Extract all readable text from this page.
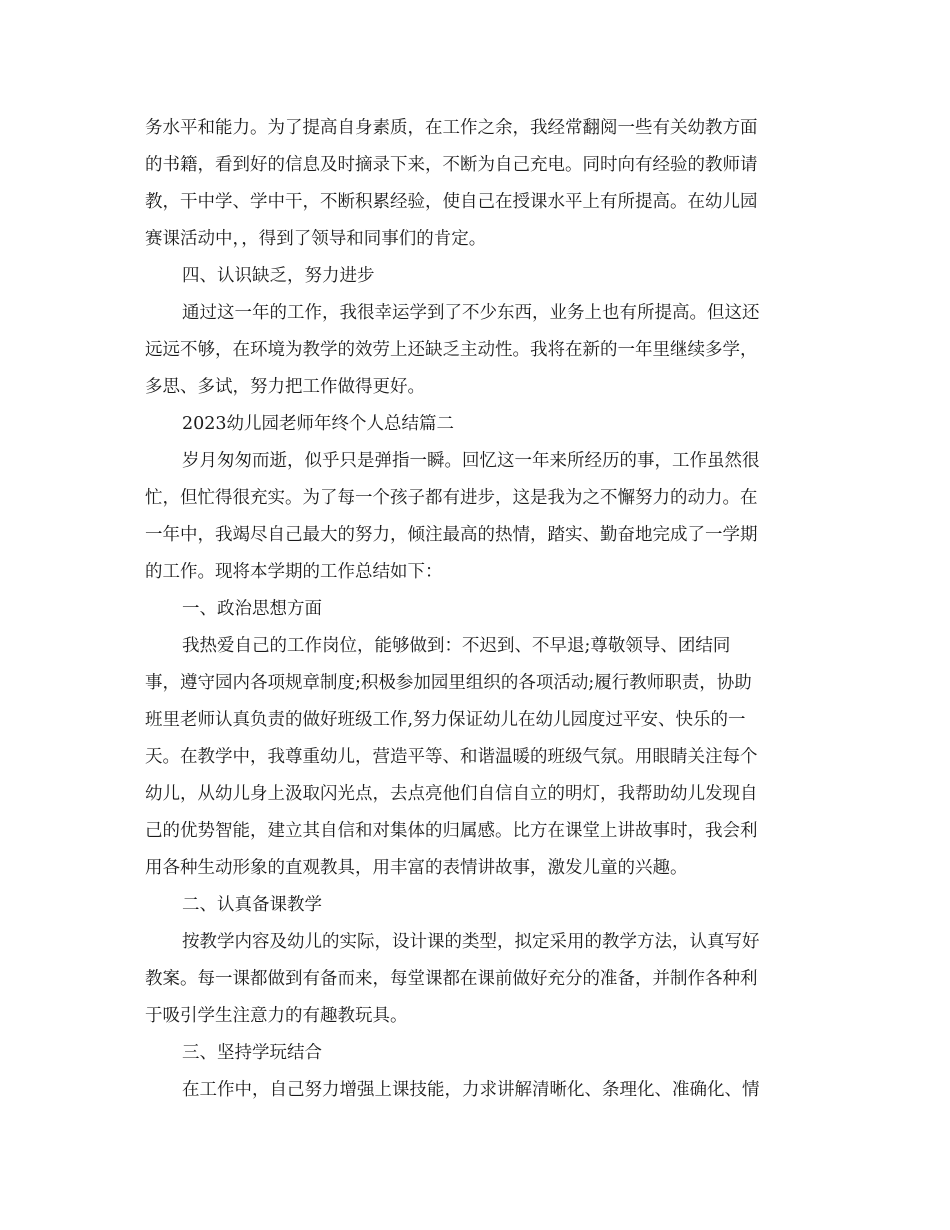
务水平和能力。为了提高自身素质，在工作之余，我经常翻阅一些有关幼教方面
的书籍，看到好的信息及时摘录下来，不断为自己充电。同时向有经验的教师请
教，干中学、学中干，不断积累经验，使自己在授课水平上有所提高。在幼儿园
赛课活动中，，得到了领导和同事们的肯定。
四、认识缺乏，努力进步
通过这一年的工作，我很幸运学到了不少东西，业务上也有所提高。但这还
远远不够，在环境为教学的效劳上还缺乏主动性。我将在新的一年里继续多学，
多思、多试，努力把工作做得更好。
2023幼儿园老师年终个人总结篇二
岁月匆匆而逝，似乎只是弹指一瞬。回忆这一年来所经历的事，工作虽然很
忙，但忙得很充实。为了每一个孩子都有进步，这是我为之不懈努力的动力。在
一年中，我竭尽自己最大的努力，倾注最高的热情，踏实、勤奋地完成了一学期
的工作。现将本学期的工作总结如下：
一、政治思想方面
我热爱自己的工作岗位，能够做到：不迟到、不早退;尊敬领导、团结同
事，遵守园内各项规章制度;积极参加园里组织的各项活动;履行教师职责，协助
班里老师认真负责的做好班级工作,努力保证幼儿在幼儿园度过平安、快乐的一
天。在教学中，我尊重幼儿，营造平等、和谐温暖的班级气氛。用眼睛关注每个
幼儿，从幼儿身上汲取闪光点，去点亮他们自信自立的明灯，我帮助幼儿发现自
己的优势智能，建立其自信和对集体的归属感。比方在课堂上讲故事时，我会利
用各种生动形象的直观教具，用丰富的表情讲故事，激发儿童的兴趣。
二、认真备课教学
按教学内容及幼儿的实际，设计课的类型，拟定采用的教学方法，认真写好
教案。每一课都做到有备而来，每堂课都在课前做好充分的准备，并制作各种利
于吸引学生注意力的有趣教玩具。
三、坚持学玩结合
在工作中，自己努力增强上课技能，力求讲解清晰化、条理化、准确化、情
